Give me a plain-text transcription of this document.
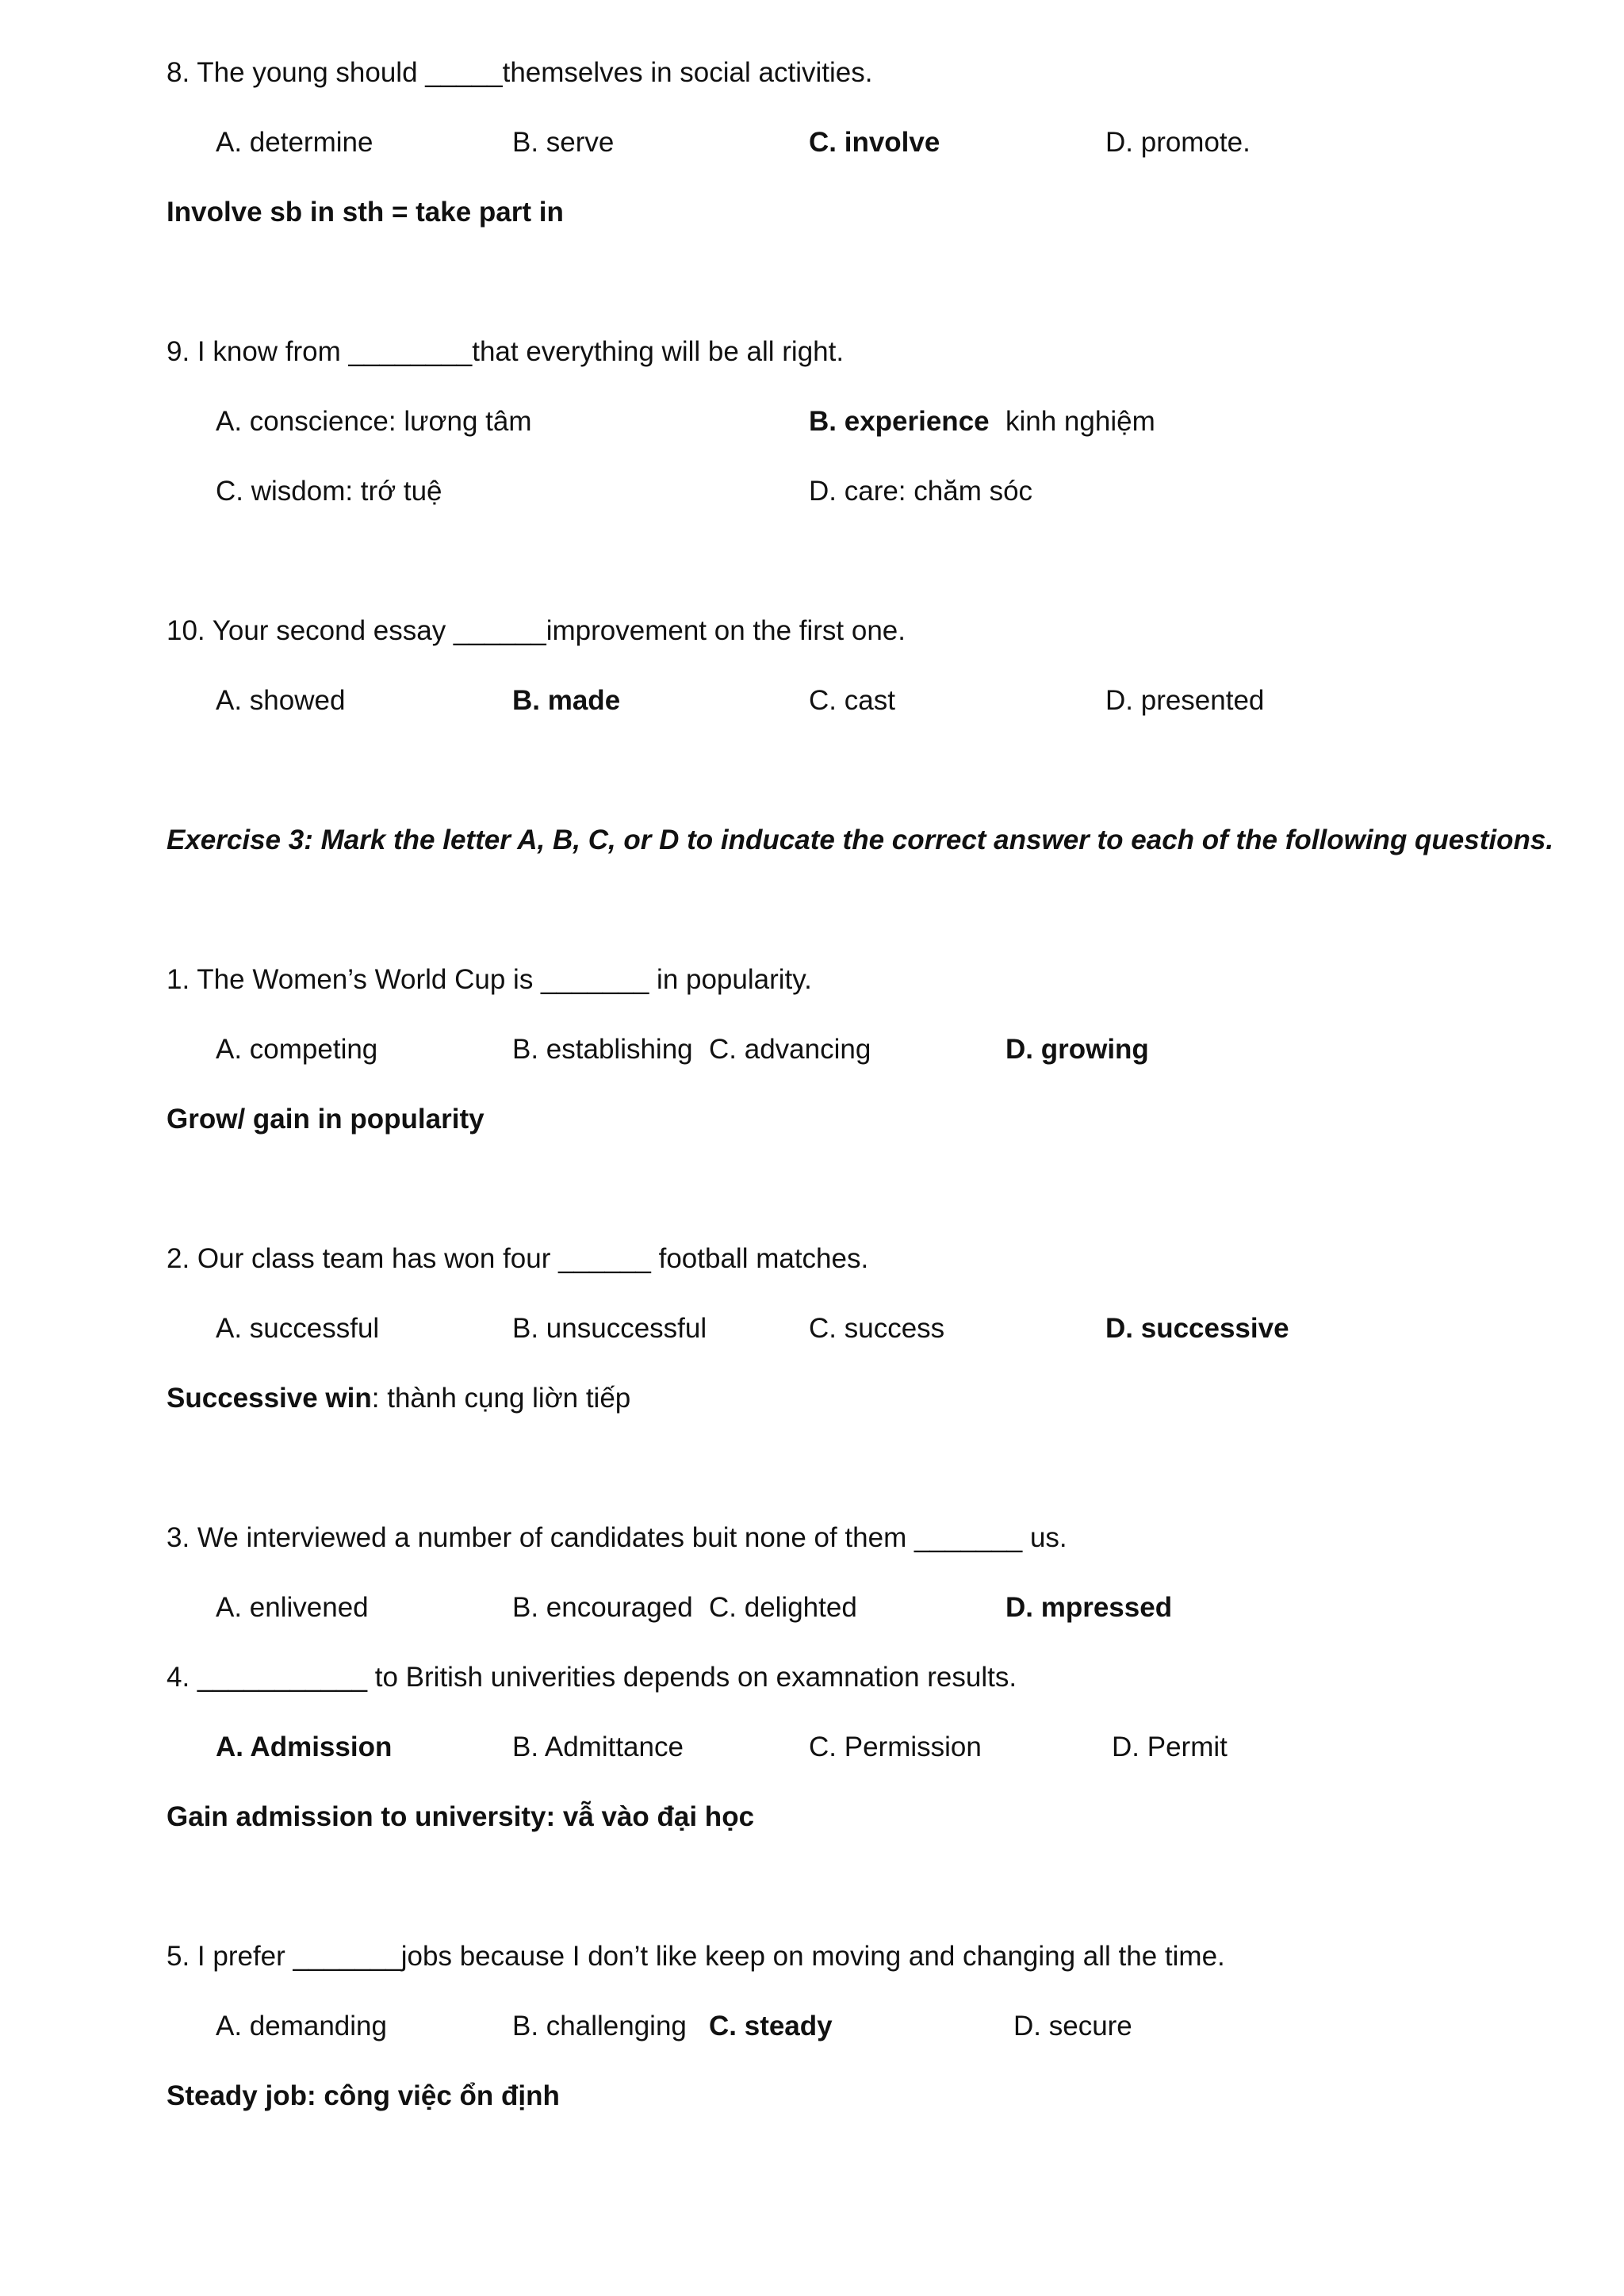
8. The young should _____themselves in social activities.
A. determine	B. serve	C. involve	D. promote.
Involve sb in sth = take part in
9. I know from ________that everything will be all right.
A. conscience: lương tâm	B. experience kinh nghiệm
C. wisdom: trớ tuệ	D. care: chăm sóc
10. Your second essay ______improvement on the first one.
A. showed	B. made	C. cast	D. presented
Exercise 3: Mark the letter A, B, C, or D to inducate the correct answer to each of the following questions.
1. The Women’s World Cup is _______ in popularity.
A. competing	B. establishing C. advancing	D. growing
Grow/ gain in popularity
2. Our class team has won four ______ football matches.
A. successful	B. unsuccessful	C. success	D. successive
Successive win: thành cụng liờn tiếp
3. We interviewed a number of candidates buit none of them _______ us.
A. enlivened	B. encouraged C. delighted	D. mpressed
4. ___________ to British univerities depends on examnation results.
A. Admission	B. Admittance	C. Permission	D. Permit
Gain admission to university: vẫ vào đại học
5. I prefer _______jobs because I don’t like keep on moving and changing all the time.
A. demanding	B. challenging C. steady	D. secure
Steady job: công việc ổn định
